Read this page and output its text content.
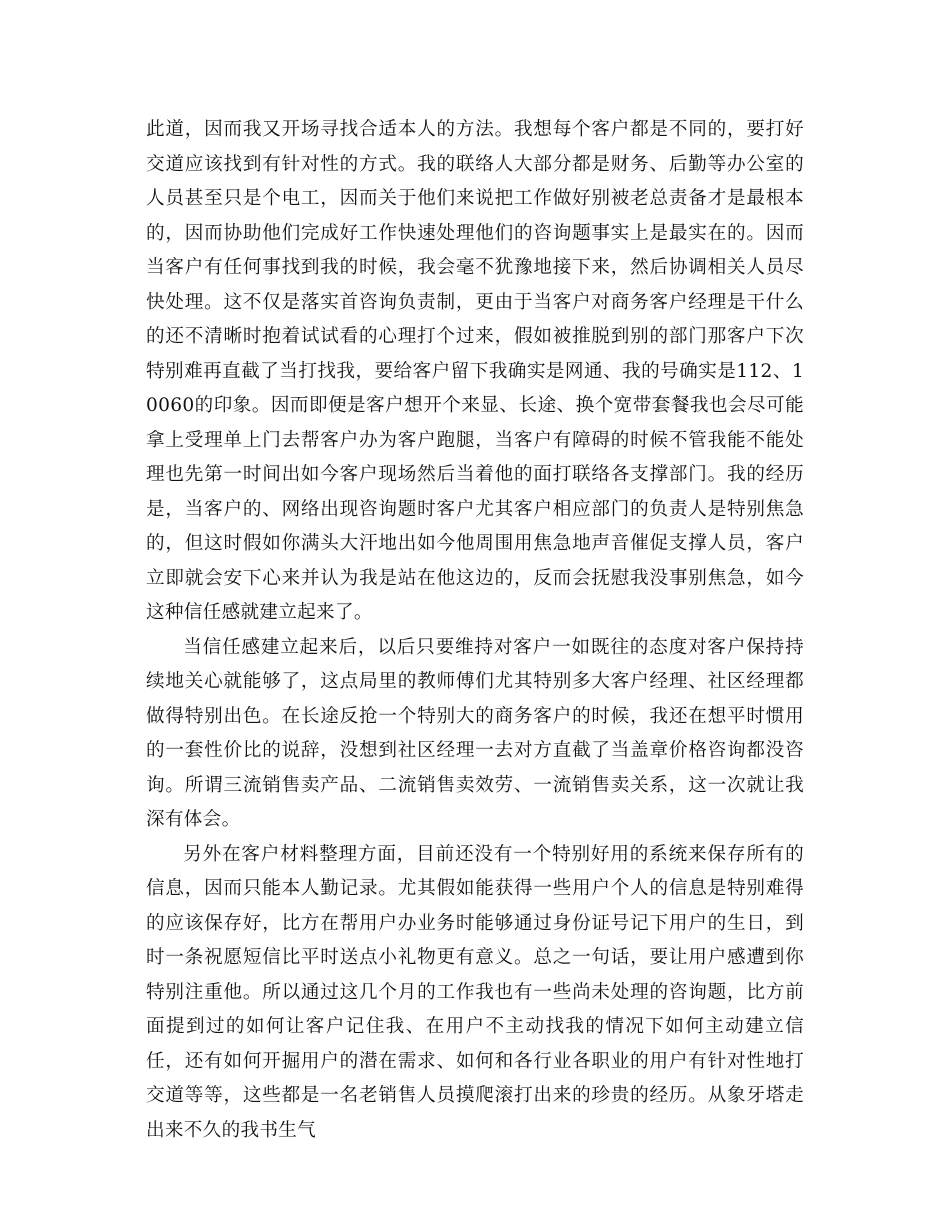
此道，因而我又开场寻找合适本人的方法。我想每个客户都是不同的，要打好交道应该找到有针对性的方式。我的联络人大部分都是财务、后勤等办公室的人员甚至只是个电工，因而关于他们来说把工作做好别被老总责备才是最根本的，因而协助他们完成好工作快速处理他们的咨询题事实上是最实在的。因而当客户有任何事找到我的时候，我会毫不犹豫地接下来，然后协调相关人员尽快处理。这不仅是落实首咨询负责制，更由于当客户对商务客户经理是干什么的还不清晰时抱着试试看的心理打个过来，假如被推脱到别的部门那客户下次特别难再直截了当打找我，要给客户留下我确实是网通、我的号确实是112、10060的印象。因而即便是客户想开个来显、长途、换个宽带套餐我也会尽可能拿上受理单上门去帮客户办为客户跑腿，当客户有障碍的时候不管我能不能处理也先第一时间出如今客户现场然后当着他的面打联络各支撑部门。我的经历是，当客户的、网络出现咨询题时客户尤其客户相应部门的负责人是特别焦急的，但这时假如你满头大汗地出如今他周围用焦急地声音催促支撑人员，客户立即就会安下心来并认为我是站在他这边的，反而会抚慰我没事别焦急，如今这种信任感就建立起来了。

当信任感建立起来后，以后只要维持对客户一如既往的态度对客户保持持续地关心就能够了，这点局里的教师傅们尤其特别多大客户经理、社区经理都做得特别出色。在长途反抢一个特别大的商务客户的时候，我还在想平时惯用的一套性价比的说辞，没想到社区经理一去对方直截了当盖章价格咨询都没咨询。所谓三流销售卖产品、二流销售卖效劳、一流销售卖关系，这一次就让我深有体会。

另外在客户材料整理方面，目前还没有一个特别好用的系统来保存所有的信息，因而只能本人勤记录。尤其假如能获得一些用户个人的信息是特别难得的应该保存好，比方在帮用户办业务时能够通过身份证号记下用户的生日，到时一条祝愿短信比平时送点小礼物更有意义。总之一句话，要让用户感遭到你特别注重他。所以通过这几个月的工作我也有一些尚未处理的咨询题，比方前面提到过的如何让客户记住我、在用户不主动找我的情况下如何主动建立信任，还有如何开掘用户的潜在需求、如何和各行业各职业的用户有针对性地打交道等等，这些都是一名老销售人员摸爬滚打出来的珍贵的经历。从象牙塔走出来不久的我书生气
